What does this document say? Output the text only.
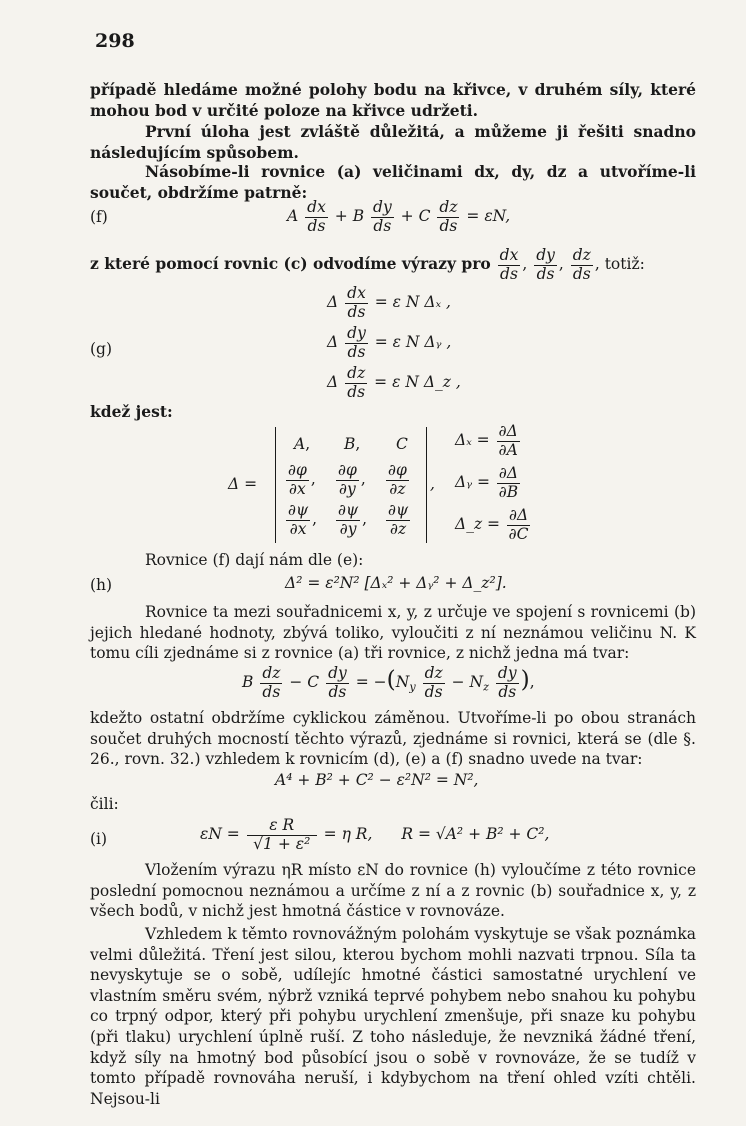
298

případě hledáme možné polohy bodu na křivce, v druhém síly, které mohou bod v určité poloze na křivce udržeti.

První úloha jest zvláště důležitá, a můžeme ji řešiti snadno následujícím spůsobem.

Násobíme-li rovnice (a) veličinami dx, dy, dz a utvoříme-li součet, obdržíme patrně:

(f)	A $\frac{dx}{ds} + B \frac{dy}{ds} + C \frac{dz}{ds} = \varepsilon N$,
z které pomocí rovnic (c) odvodíme výrazy pro $\frac{dx}{ds}$ , $\frac{dy}{ds}$ , $\frac{dz}{ds}$ , totiž:
Δ $\frac{dx}{ds} = \varepsilon$ N Δₓ ,
(g)	Δ $\frac{dy}{ds} = \varepsilon$ N Δᵧ ,
Δ $\frac{dz}{ds} = \varepsilon$ N Δ_z ,
kdež jest:
Δ =
A, B, C
$\frac{\partial\varphi}{\partial x}$ , $\frac{\partial\varphi}{\partial y}$ , $\frac{\partial\varphi}{\partial z}$
$\frac{\partial\psi}{\partial x}$ , $\frac{\partial\psi}{\partial y}$ , $\frac{\partial\psi}{\partial z}$
,
$\Delta_x = \frac{\partial\Delta}{\partial A}$
Δᵧ = $\frac{\partial\Delta}{\partial B}$
Δ_z = $\frac{\partial\Delta}{\partial C}$

Rovnice (f) dají nám dle (e):

(h)	Δ² = ε²N² [Δₓ² + Δᵧ² + Δ_z²].

Rovnice ta mezi souřadnicemi x, y, z určuje ve spojení s rovnicemi (b) jejich hledané hodnoty, zbývá toliko, vyloučiti z ní neznámou veličinu N. K tomu cíli zjednáme si z rovnice (a) tři rovnice, z nichž jedna má tvar:

B $\frac{dz}{ds} - C \frac{dy}{ds} = -(N_y \frac{dz}{ds} - N_z \frac{dy}{ds}$ ),

kdežto ostatní obdržíme cyklickou záměnou. Utvoříme-li po obou stranách součet druhých mocností těchto výrazů, zjednáme si rovnici, která se (dle §. 26., rovn. 32.) vzhledem k rovnicím (d), (e) a (f) snadno uvede na tvar:

A⁴ + B² + C² − ε²N² = N²,
čili:
(i)	$\varepsilon N = \frac{\text{ε R}}{\text{√1 + ε²}} = \eta$ R, R = √A² + B² + C²,

Vložením výrazu ηR místo εN do rovnice (h) vyloučíme z této rovnice poslední pomocnou neznámou a určíme z ní a z rovnic (b) souřadnice x, y, z všech bodů, v nichž jest hmotná částice v rovnováze.

Vzhledem k těmto rovnovážným polohám vyskytuje se však poznámka velmi důležitá. Tření jest silou, kterou bychom mohli nazvati trpnou. Síla ta nevyskytuje se o sobě, udílejíc hmotné částici samostatné urychlení ve vlastním směru svém, nýbrž vzniká teprvé pohybem nebo snahou ku pohybu co trpný odpor, který při pohybu urychlení zmenšuje, při snaze ku pohybu (při tlaku) urychlení úplně ruší. Z toho následuje, že nevzniká žádné tření, když síly na hmotný bod působící jsou o sobě v rovnováze, že se tudíž v tomto případě rovnováha neruší, i kdybychom na tření ohled vzíti chtěli. Nejsou-li
